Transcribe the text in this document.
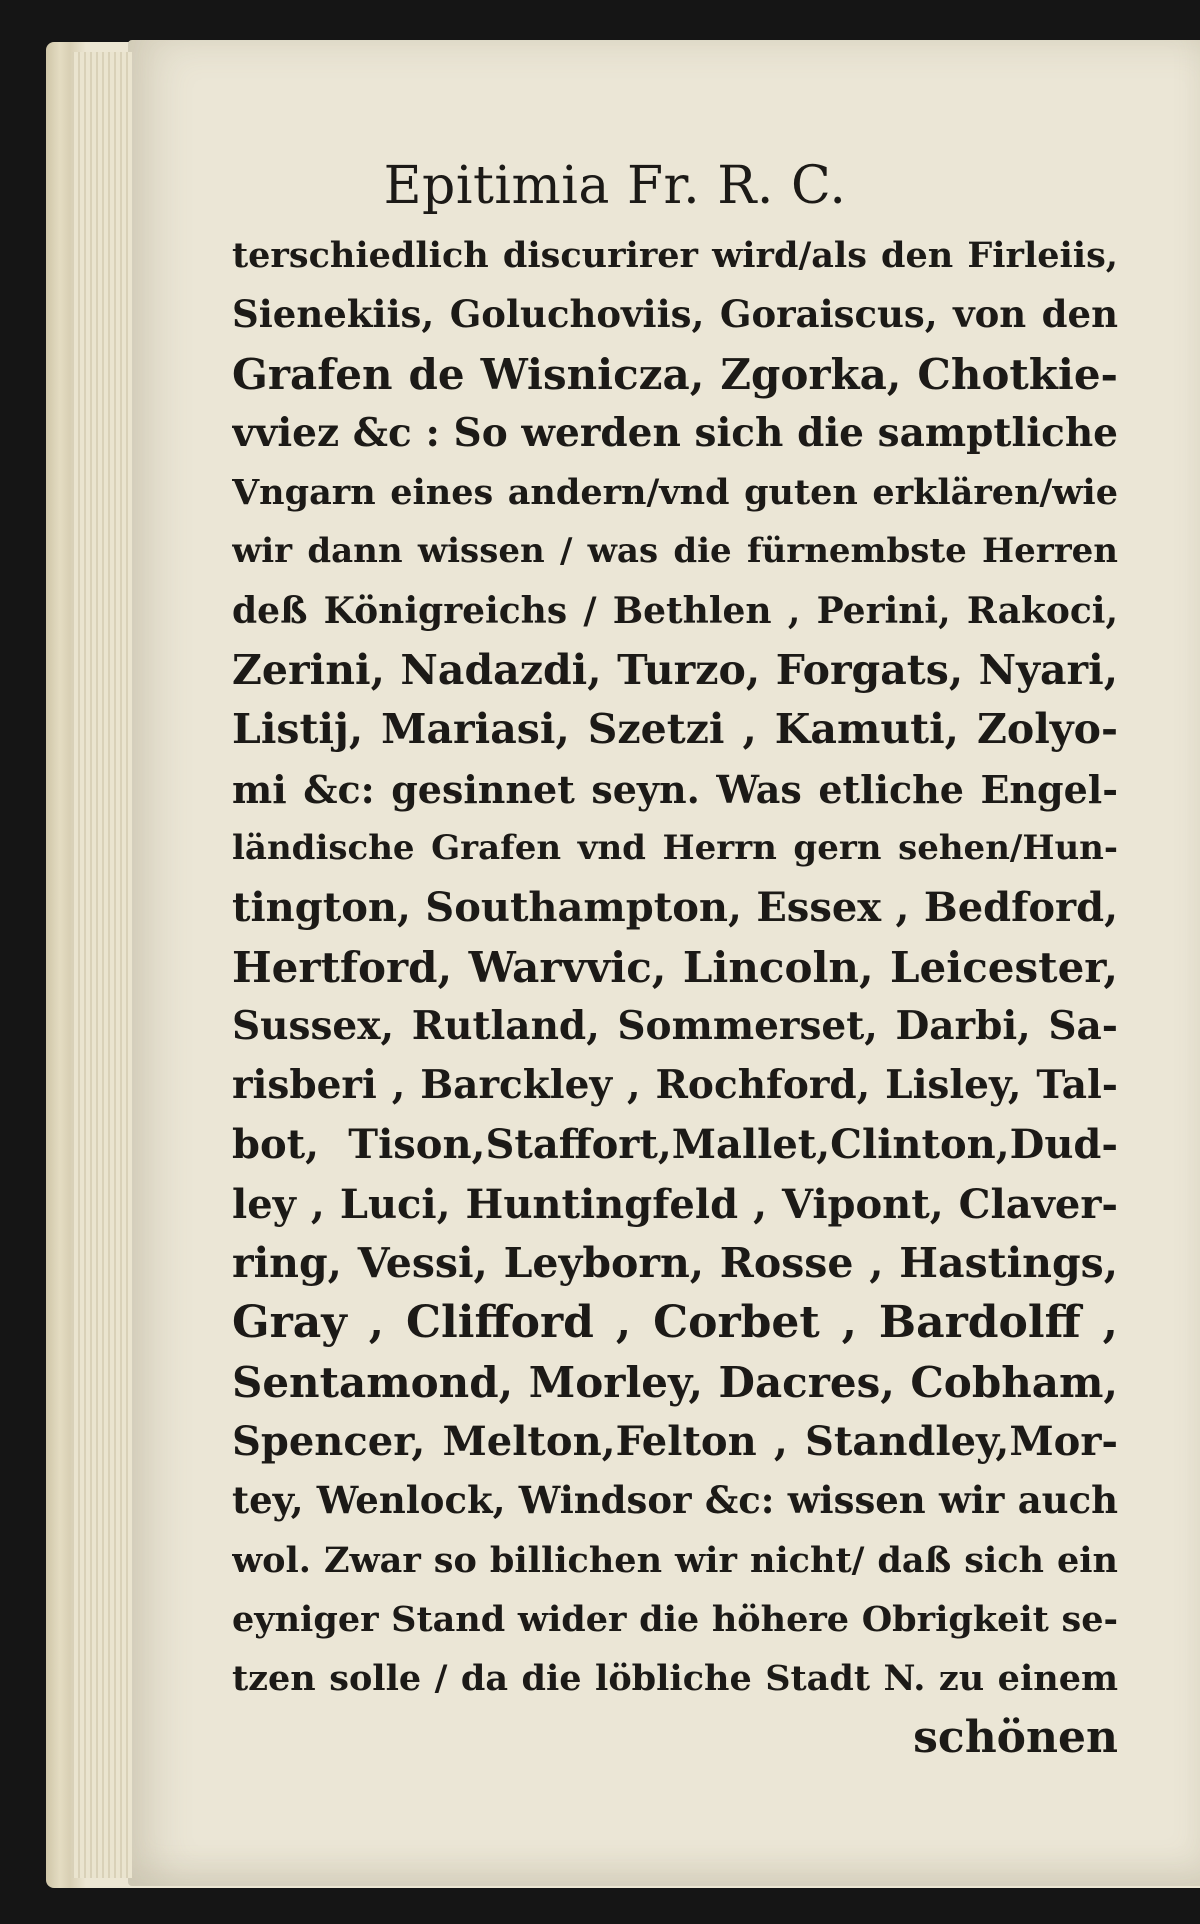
Epitimia Fr. R. C.
terschiedlich discurirer wird/als den Firleiis,
Sienekiis, Goluchoviis, Goraiscus, von den
Grafen de Wisnicza, Zgorka, Chotkie-
vviez &c : So werden sich die samptliche
Vngarn eines andern/vnd guten erklären/wie
wir dann wissen / was die fürnembste Herren
deß Königreichs / Bethlen , Perini, Rakoci,
Zerini, Nadazdi, Turzo, Forgats, Nyari,
Listij, Mariasi, Szetzi , Kamuti, Zolyo-
mi &c: gesinnet seyn. Was etliche Engel-
ländische Grafen vnd Herrn gern sehen/Hun-
tington, Southampton, Essex , Bedford,
Hertford, Warvvic, Lincoln, Leicester,
Sussex, Rutland, Sommerset, Darbi, Sa-
risberi , Barckley , Rochford, Lisley, Tal-
bot, Tison,Staffort,Mallet,Clinton,Dud-
ley , Luci, Huntingfeld , Vipont, Claver-
ring, Vessi, Leyborn, Rosse , Hastings,
Gray , Clifford , Corbet , Bardolff ,
Sentamond, Morley, Dacres, Cobham,
Spencer, Melton,Felton , Standley,Mor-
tey, Wenlock, Windsor &c: wissen wir auch
wol. Zwar so billichen wir nicht/ daß sich ein
eyniger Stand wider die höhere Obrigkeit se-
tzen solle / da die löbliche Stadt N. zu einem
schönen
